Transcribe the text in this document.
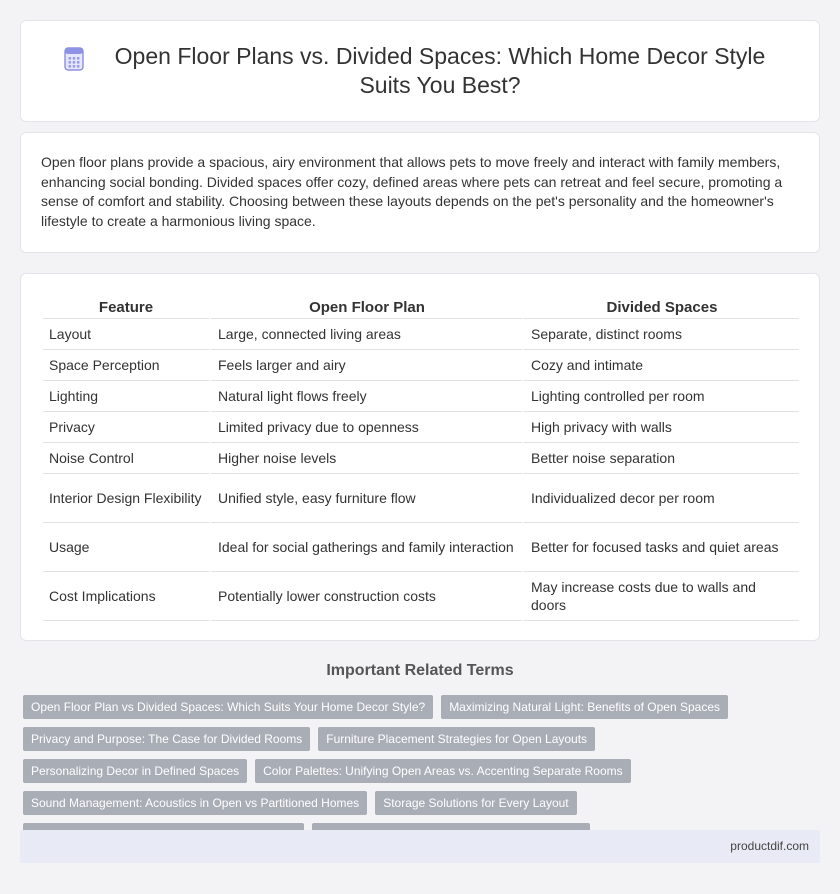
Open Floor Plans vs. Divided Spaces: Which Home Decor Style Suits You Best?

Open floor plans provide a spacious, airy environment that allows pets to move freely and interact with family members, enhancing social bonding. Divided spaces offer cozy, defined areas where pets can retreat and feel secure, promoting a sense of comfort and stability. Choosing between these layouts depends on the pet's personality and the homeowner's lifestyle to create a harmonious living space.

Feature	Open Floor Plan	Divided Spaces
Layout	Large, connected living areas	Separate, distinct rooms
Space Perception	Feels larger and airy	Cozy and intimate
Lighting	Natural light flows freely	Lighting controlled per room
Privacy	Limited privacy due to openness	High privacy with walls
Noise Control	Higher noise levels	Better noise separation
Interior Design Flexibility	Unified style, easy furniture flow	Individualized decor per room
Usage	Ideal for social gatherings and family interaction	Better for focused tasks and quiet areas
Cost Implications	Potentially lower construction costs	May increase costs due to walls and doors
Important Related Terms
Open Floor Plan vs Divided Spaces: Which Suits Your Home Decor Style?	Maximizing Natural Light: Benefits of Open Spaces
Privacy and Purpose: The Case for Divided Rooms	Furniture Placement Strategies for Open Layouts
Personalizing Decor in Defined Spaces	Color Palettes: Unifying Open Areas vs. Accenting Separate Rooms
Sound Management: Acoustics in Open vs Partitioned Homes	Storage Solutions for Every Layout
productdif.com
